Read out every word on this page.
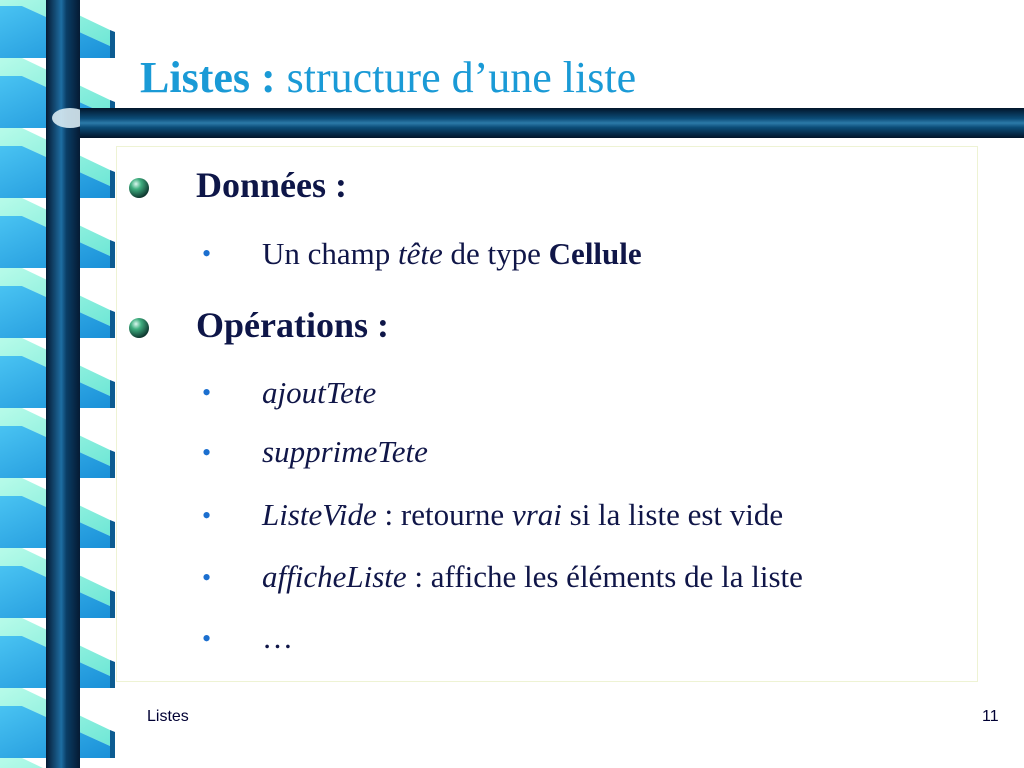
Listes : structure d’une liste
Données :
• Un champ tête de type Cellule
Opérations :
• ajoutTete
• supprimeTete
• ListeVide : retourne vrai si la liste est vide
• afficheListe : affiche les éléments de la liste
• …
Listes	11
